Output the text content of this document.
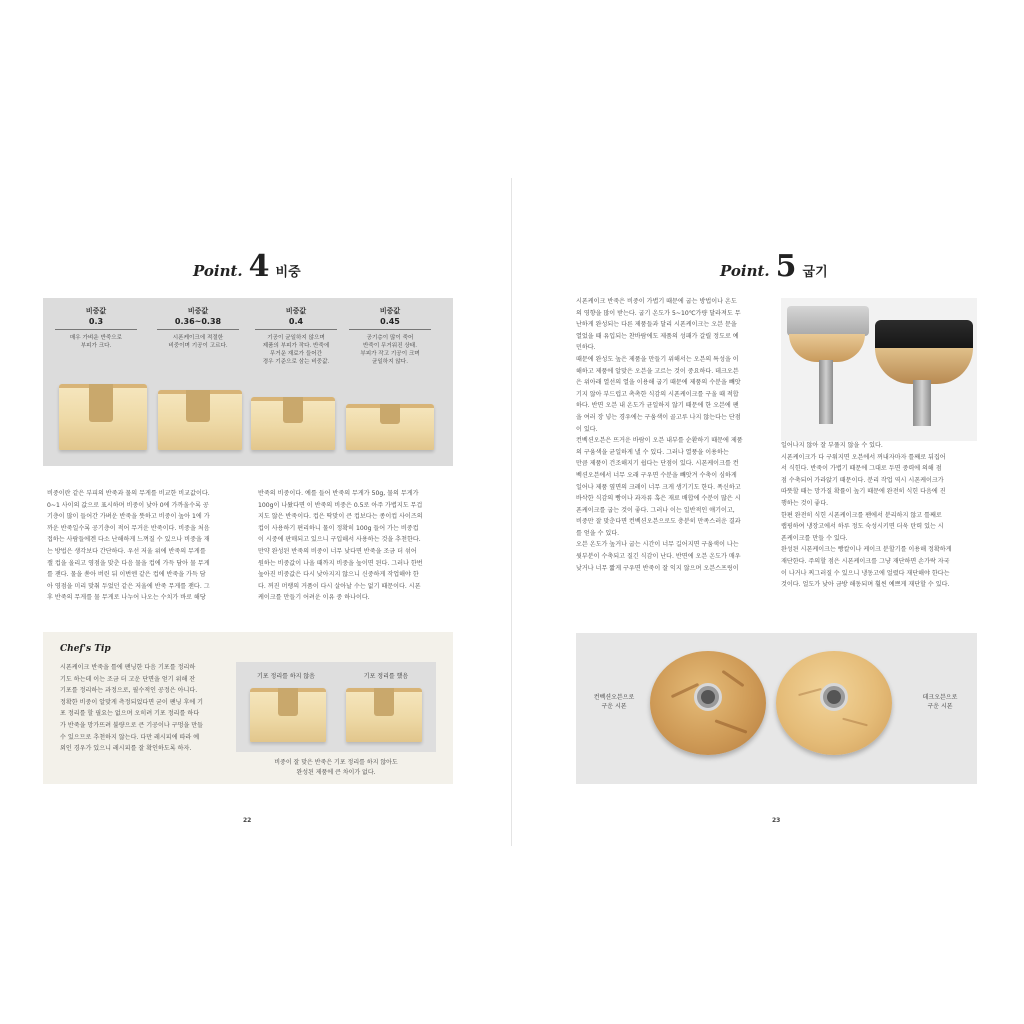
Point. 4 비중
비중값
0.3
매우 가벼운 반죽으로
부피가 크다.
비중값
0.36~0.38
시폰케이크에 적절한
비중이며 기공이 고르다.
비중값
0.4
기공이 균일하지 않으며
제품의 부피가 작다. 반죽에
무거운 재료가 들어간
경우 기준으로 삼는 비중값.
비중값
0.45
공기층이 많이 죽어
반죽이 무거워진 상태.
부피가 작고 기공이 크며
균일하지 않다.
비중이란 같은 부피의 반죽과 물의 무게를 비교한 비교값이다.
0~1 사이의 값으로 표시하며 비중이 낮아 0에 가까울수록 공
기층이 많이 들어간 가벼운 반죽을 뜻하고 비중이 높아 1에 가
까운 반죽일수록 공기층이 적어 무거운 반죽이다. 비중을 처음
접하는 사람들에겐 다소 난해하게 느껴질 수 있으나 비중을 재
는 방법은 생각보다 간단하다. 우선 저울 위에 반죽의 무게를
잴 컵을 올리고 영점을 맞춘 다음 물을 컵에 가득 담아 물 무게
를 잰다. 물을 쏟아 버린 뒤 이번엔 같은 컵에 반죽을 가득 담
아 영점을 미리 맞춰 두었던 같은 저울에 반죽 무게를 잰다. 그
후 반죽의 무게를 물 무게로 나누어 나오는 수치가 바로 해당
반죽의 비중이다. 예를 들어 반죽의 무게가 50g, 물의 무게가
100g이 나왔다면 이 반죽의 비중은 0.5로 아주 가볍지도 무겁
지도 않은 반죽이다. 컵은 딱맞이 큰 컵보다는 종이컵 사이즈의
컵이 사용하기 편리하니 물이 정확히 100g 들어 가는 비중컵
이 시중에 판매되고 있으니 구입해서 사용하는 것을 추천한다.
만약 완성된 반죽의 비중이 너무 낮다면 반죽을 조금 더 섞어
원하는 비중값이 나올 때까지 비중을 높이면 된다. 그러나 한번
높아진 비중값은 다시 낮아지지 않으니 신중하게 작업해야 한
다. 꺼진 머랭의 거품이 다시 살아날 수는 없기 때문이다. 시폰
케이크를 만들기 어려운 이유 중 하나이다.
Chef's Tip
시폰케이크 반죽을 틀에 팬닝한 다음 기포를 정리하
기도 하는데 이는 조금 더 고운 단면을 얻기 위해 잔
기포를 정리하는 과정으로, 필수적인 공정은 아니다.
정확한 비중이 알맞게 측정되었다면 굳이 팬닝 후에 기
포 정리를 할 필요는 없으며 오히려 기포 정리를 하다
가 반죽을 망가뜨려 불량으로 큰 기공이나 구멍을 만들
수 있으므로 추천하지 않는다. 다만 레시피에 따라 예
외인 경우가 있으니 레시피를 잘 확인하도록 하자.
기포 정리를 하지 않음	기포 정리를 했음
비중이 잘 맞은 반죽은 기포 정리를 하지 않아도
완성된 제품에 큰 차이가 없다.
22
Point. 5 굽기
시폰케이크 반죽은 비중이 가볍기 때문에 굽는 방법이나 온도
의 영향을 많이 받는다. 굽기 온도가 5~10℃가량 달라져도 무
난하게 완성되는 다른 제품들과 달리 시폰케이크는 오븐 문을
열었을 때 유입되는 찬바람에도 제품의 성패가 갈릴 정도로 예
민하다.
때문에 완성도 높은 제품을 만들기 위해서는 오븐의 특성을 이
해하고 제품에 알맞은 오븐을 고르는 것이 중요하다. 데크오븐
은 위아래 열선의 열을 이용해 굽기 때문에 제품의 수분을 빼앗
기지 않아 부드럽고 촉촉한 식감의 시폰케이크를 구울 때 적합
하다. 반면 오븐 내 온도가 균일하지 않기 때문에 한 오븐에 팬
을 여러 장 넣는 경우에는 구움색이 골고루 나지 않는다는 단점
이 있다.
컨벡션오븐은 뜨거운 바람이 오븐 내부를 순환하기 때문에 제품
의 구움색을 균일하게 낼 수 있다. 그러나 열풍을 이용하는
만큼 제품이 건조해지기 쉽다는 단점이 있다. 시폰케이크를 컨
벡션오븐에서 너무 오래 구우면 수분을 빼앗겨 수축이 심하게
일어나 제품 옆면의 크레이 너무 크게 생기기도 한다. 폭신하고
바삭한 식감의 빵이나 과자류 혹은 재료 배합에 수분이 많은 시
폰케이크를 굽는 것이 좋다. 그러나 이는 일반적인 얘기이고,
비중만 잘 맞춘다면 컨벡션오븐으로도 충분히 만족스러운 결과
를 얻을 수 있다.
오븐 온도가 높거나 굽는 시간이 너무 길어지면 구움색이 나는
윗부분이 수축되고 질긴 식감이 난다. 반면에 오븐 온도가 매우
낮거나 너무 짧게 구우면 반죽이 잘 익지 않으며 오븐스프링이
일어나지 않아 잘 부풀지 않을 수 있다.
시폰케이크가 다 구워지면 오븐에서 꺼내자마자 틀째로 뒤집어
서 식힌다. 반죽이 가볍기 때문에 그대로 두면 중력에 의해 점
점 수축되어 가라앉기 때문이다. 분리 작업 역시 시폰케이크가
따뜻할 때는 망가질 확률이 높기 때문에 완전히 식힌 다음에 진
행하는 것이 좋다.
한편 완전히 식힌 시폰케이크를 팬에서 분리하지 않고 틀째로
랩핑하여 냉장고에서 하루 정도 숙성시키면 더욱 탄력 있는 시
폰케이크를 만들 수 있다.
완성된 시폰케이크는 빵칼이나 케이크 분할기를 이용해 정확하게
재단한다. 주의할 점은 시폰케이크를 그냥 재단하면 손가락 자국
이 나거나 찌그러질 수 있으니 냉동고에 얼렸다 재단해야 한다는
것이다. 얼도가 낮아 금방 해동되며 훨씬 예쁘게 재단할 수 있다.
컨벡션오븐으로
구운 시폰
데크오븐으로
구운 시폰
23
